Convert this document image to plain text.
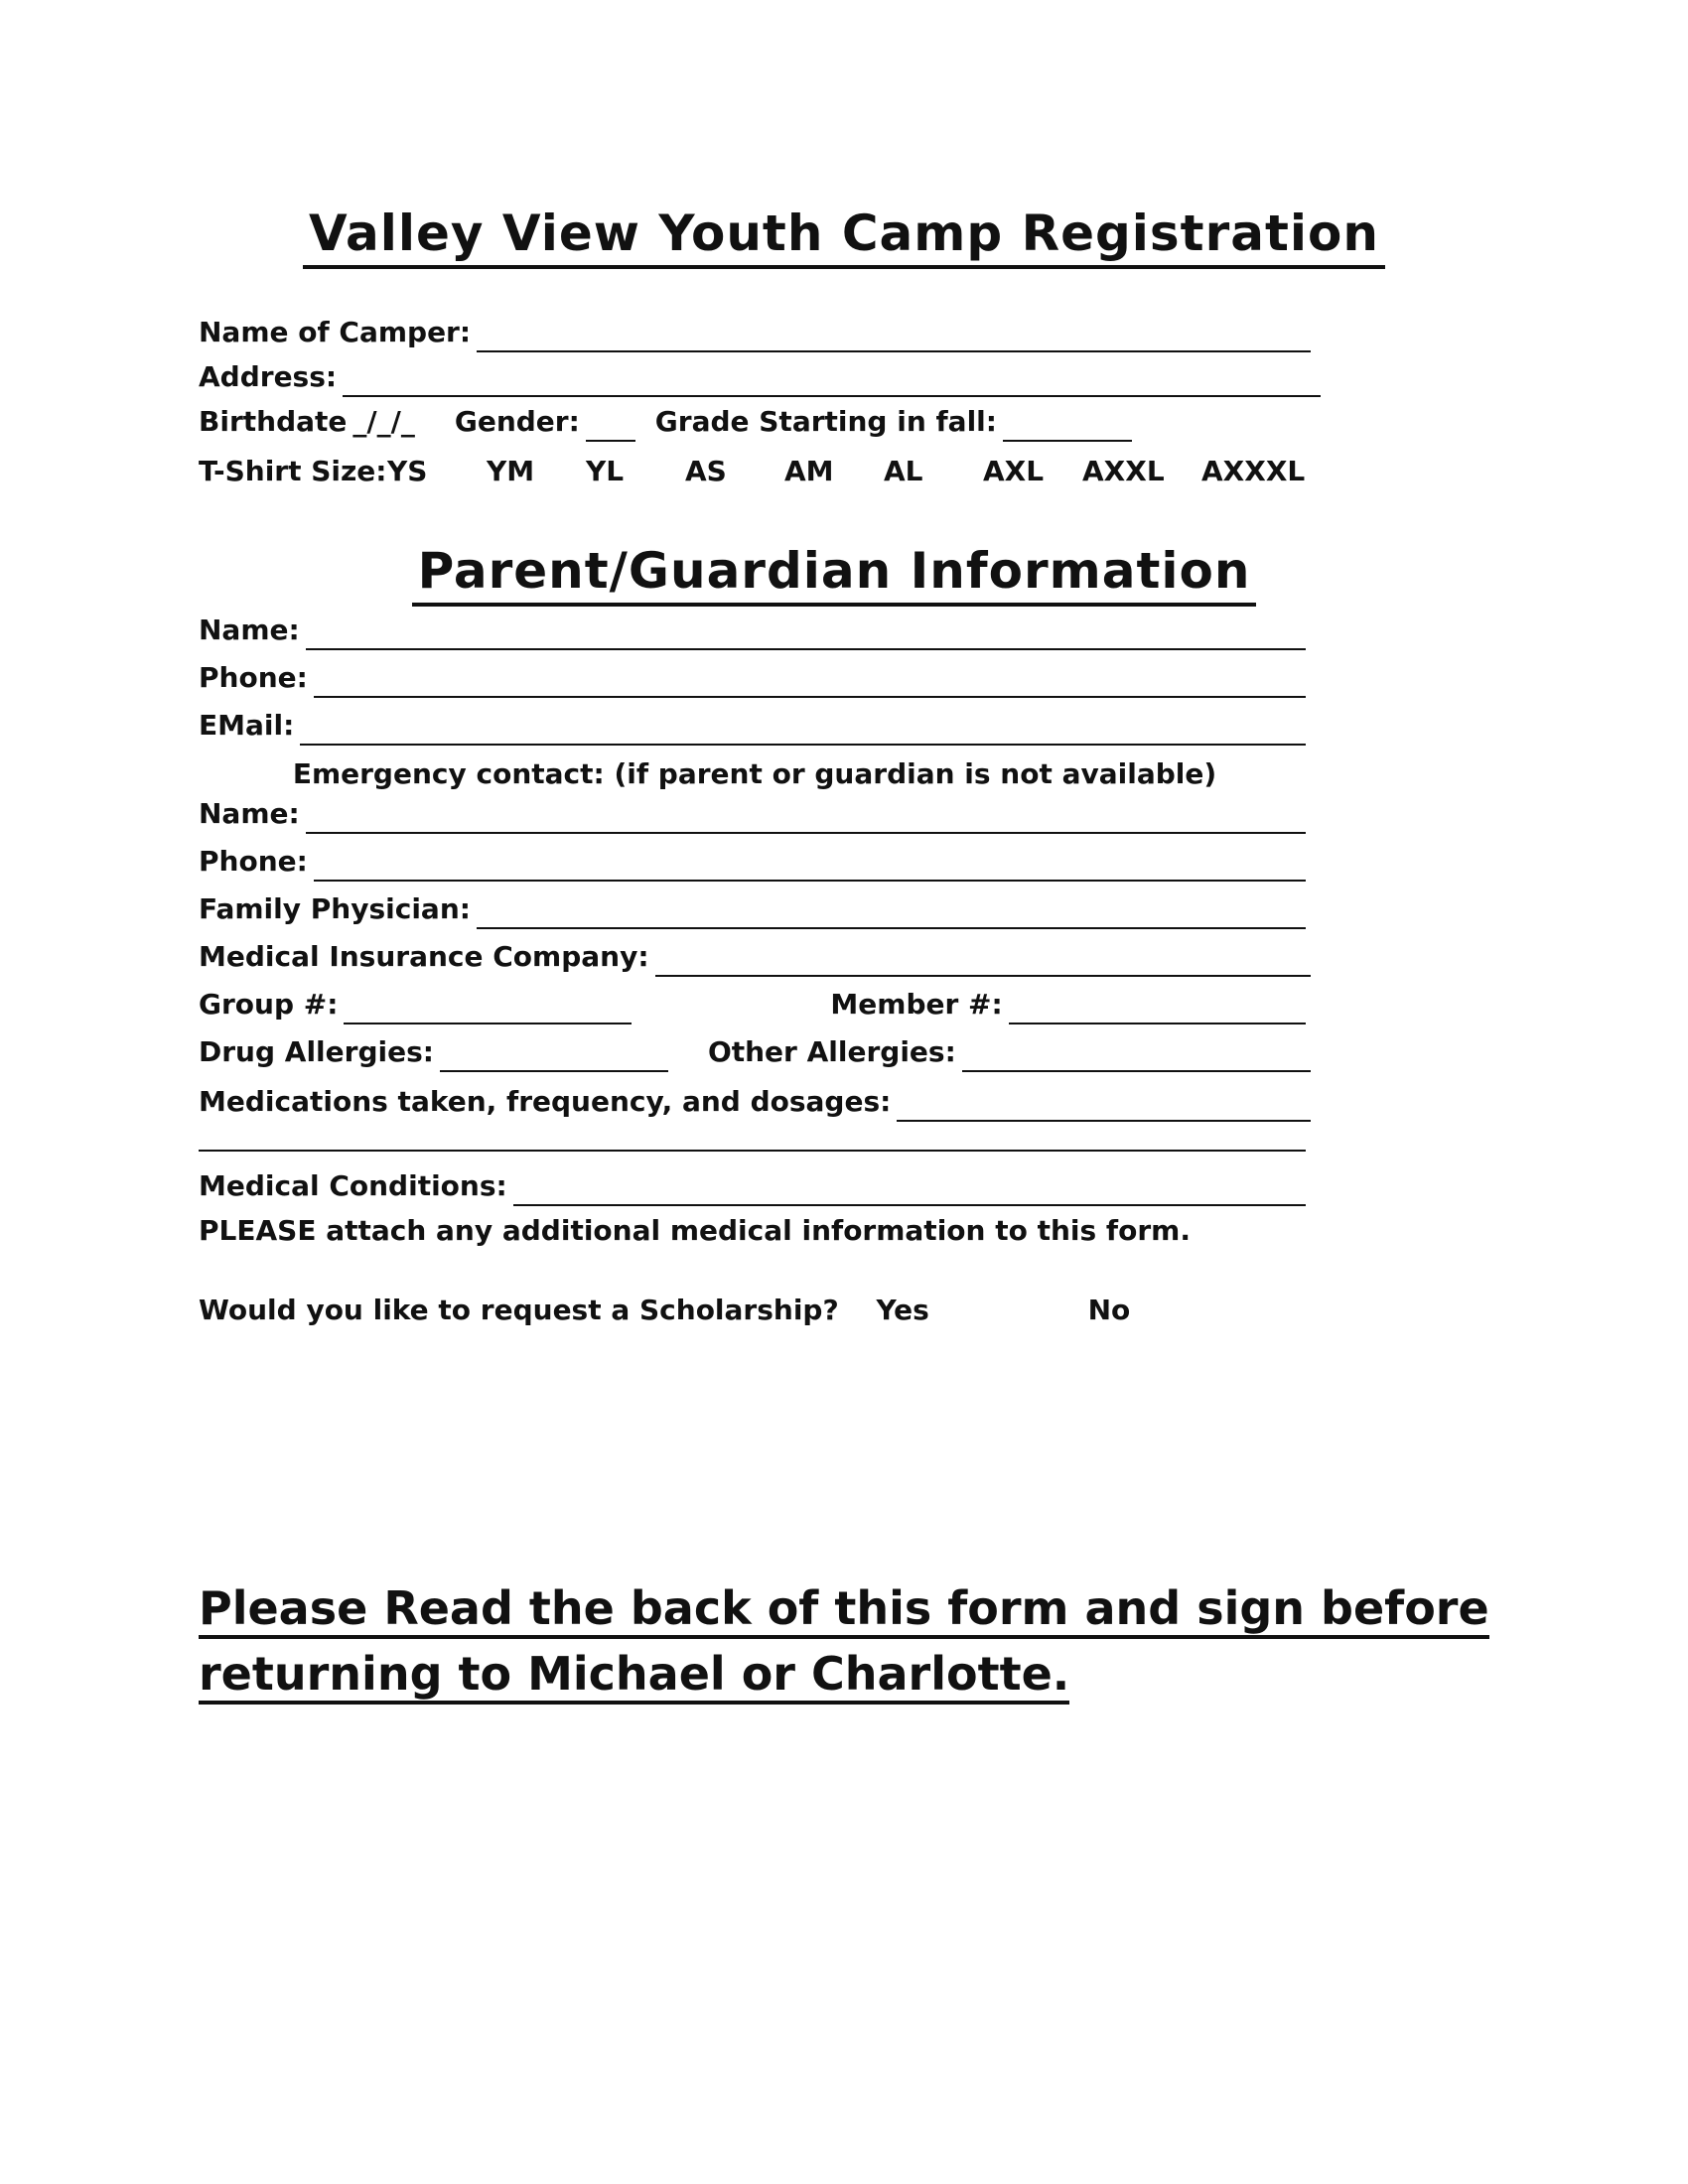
Valley View Youth Camp Registration
Name of Camper:
Address:
Birthdate _/_/_	Gender:	Grade Starting in fall:
T-Shirt Size: YS	YM	YL	AS	AM	AL	AXL	AXXL	AXXXL
Parent/Guardian Information
Name:
Phone:
EMail:
Emergency contact: (if parent or guardian is not available)
Name:
Phone:
Family Physician:
Medical Insurance Company:
Group #:	Member #:
Drug Allergies:	Other Allergies:
Medications taken, frequency, and dosages:
Medical Conditions:
PLEASE attach any additional medical information to this form.
Would you like to request a Scholarship? Yes	No
Please Read the back of this form and sign before
returning to Michael or Charlotte.
